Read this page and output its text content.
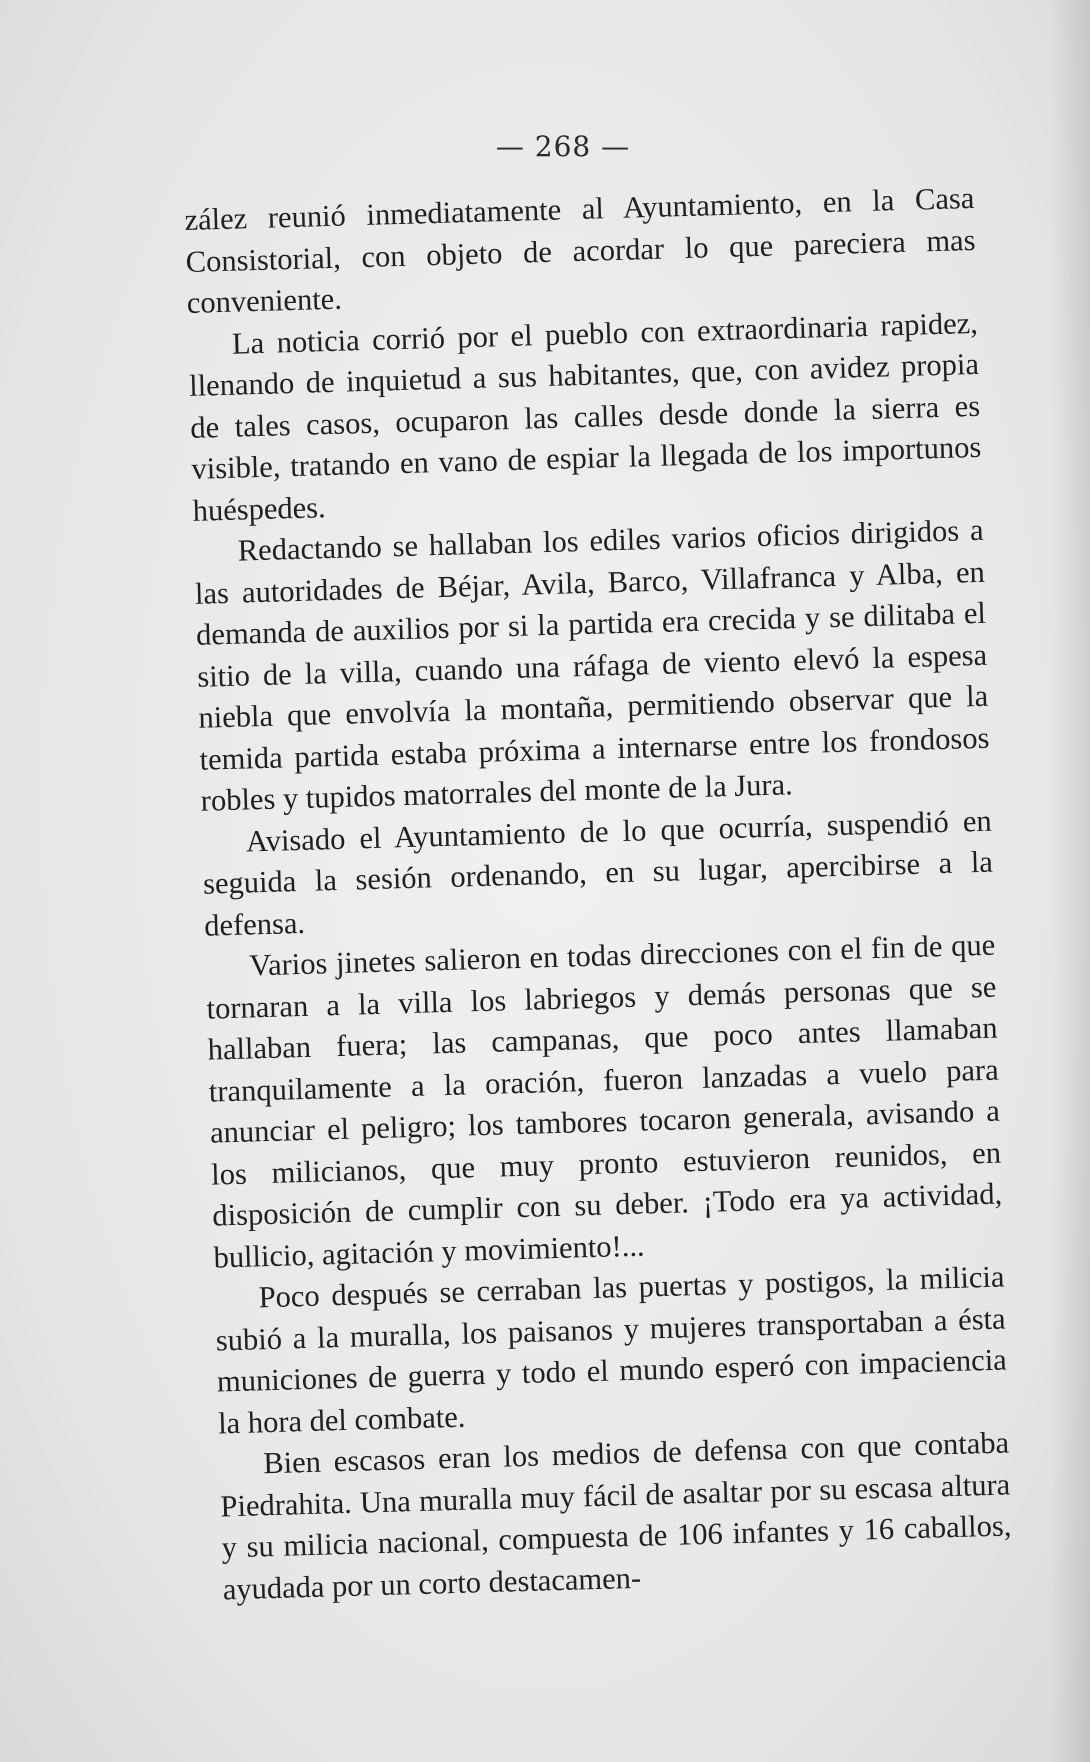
— 268 —

zález reunió inmediatamente al Ayuntamiento, en la Casa Consistorial, con objeto de acordar lo que pareciera mas conveniente.

La noticia corrió por el pueblo con extraordinaria rapidez, llenando de inquietud a sus habitantes, que, con avidez propia de tales casos, ocuparon las calles desde donde la sierra es visible, tratando en vano de espiar la llegada de los importunos huéspedes.

Redactando se hallaban los ediles varios oficios dirigidos a las autoridades de Béjar, Avila, Barco, Villafranca y Alba, en demanda de auxilios por si la partida era crecida y se dilitaba el sitio de la villa, cuando una ráfaga de viento elevó la espesa niebla que envolvía la montaña, permitiendo observar que la temida partida estaba próxima a internarse entre los frondosos robles y tupidos matorrales del monte de la Jura.

Avisado el Ayuntamiento de lo que ocurría, suspendió en seguida la sesión ordenando, en su lugar, apercibirse a la defensa.

Varios jinetes salieron en todas direcciones con el fin de que tornaran a la villa los labriegos y demás personas que se hallaban fuera; las campanas, que poco antes llamaban tranquilamente a la oración, fueron lanzadas a vuelo para anunciar el peligro; los tambores tocaron generala, avisando a los milicianos, que muy pronto estuvieron reunidos, en disposición de cumplir con su deber. ¡Todo era ya actividad, bullicio, agitación y movimiento!...

Poco después se cerraban las puertas y postigos, la milicia subió a la muralla, los paisanos y mujeres transportaban a ésta municiones de guerra y todo el mundo esperó con impaciencia la hora del combate.

Bien escasos eran los medios de defensa con que contaba Piedrahita. Una muralla muy fácil de asaltar por su escasa altura y su milicia nacional, compuesta de 106 infantes y 16 caballos, ayudada por un corto destacamen-
